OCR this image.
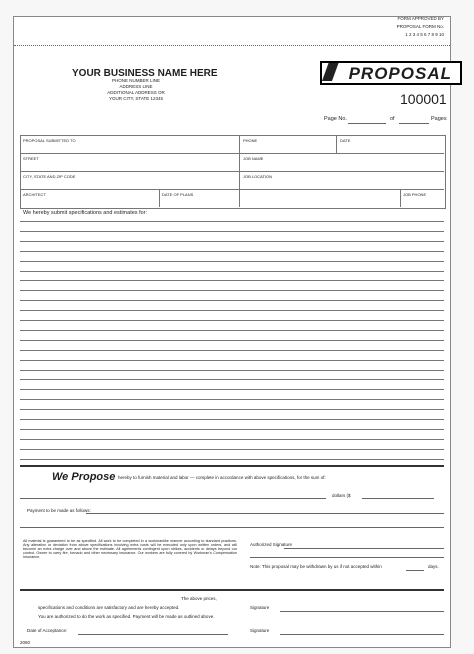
FORM APPROVED BY
PROPOSAL FORM No.
1 2 3 4 5 6 7 8 9 10
PROPOSAL
YOUR BUSINESS NAME HERE
PHONE NUMBER LINE
ADDRESS LINE
ADDITIONAL ADDRESS OR
YOUR CITY, STATE 12345	100001
Page No.	of	Pages
PROPOSAL SUBMITTED TO	PHONE	DATE
STREET	JOB NAME
CITY, STATE AND ZIP CODE	JOB LOCATION
ARCHITECT	DATE OF PLANS	JOB PHONE
We hereby submit specifications and estimates for:
We Propose hereby to furnish material and labor — complete in accordance with above specifications, for the sum of:
dollars ($
Payment to be made as follows:
All material is guaranteed to be as specified. All work to be completed in a workmanlike manner according to standard practices. Any alteration or deviation from above specifications involving extra costs will be executed only upon written orders, and will become an extra charge over and above the estimate. All agreements contingent upon strikes, accidents or delays beyond our control. Owner to carry fire, tornado and other necessary insurance. Our workers are fully covered by Workman's Compensation Insurance.
Authorized Signature
Note: This proposal may be withdrawn by us if not accepted within	days.
The above prices,
specifications and conditions are satisfactory and are hereby accepted.
You are authorized to do the work as specified. Payment will be made as outlined above.
Signature
Signature
Date of Acceptance:
2060
